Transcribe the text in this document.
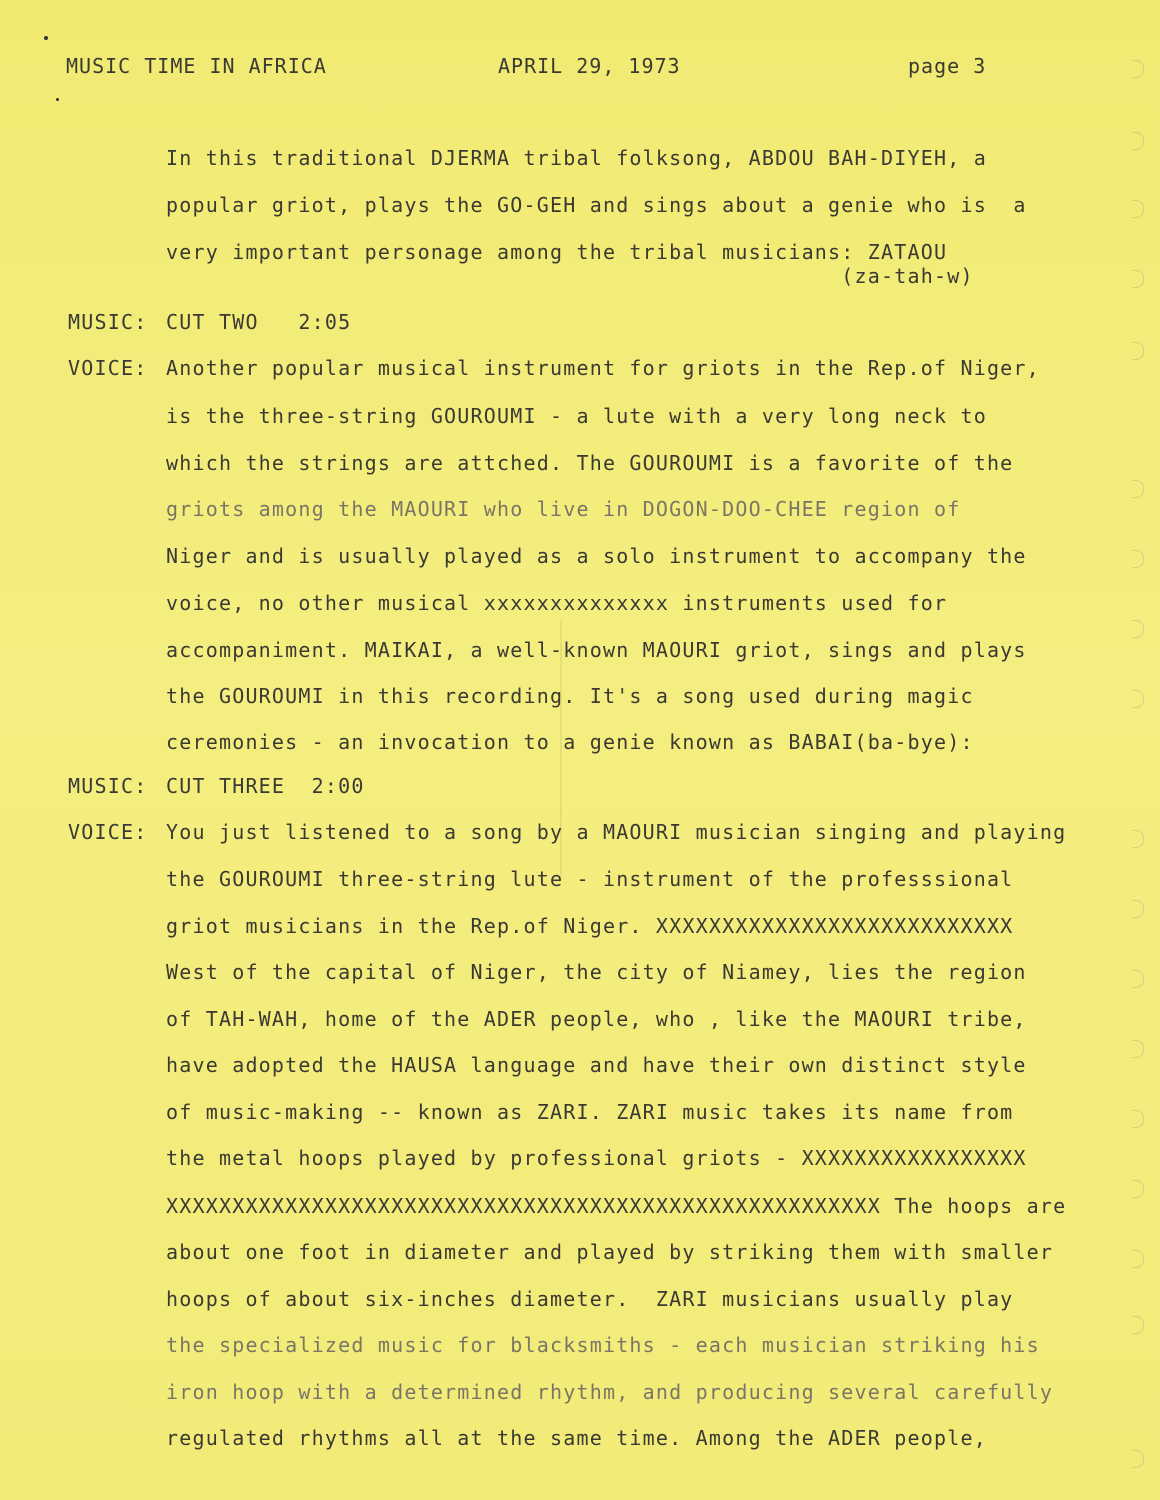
MUSIC TIME IN AFRICA	APRIL 29, 1973	page 3
In this traditional DJERMA tribal folksong, ABDOU BAH-DIYEH, a
popular griot, plays the GO-GEH and sings about a genie who is  a
very important personage among the tribal musicians: ZATAOU
(za-tah-w)
MUSIC: CUT TWO   2:05
VOICE: Another popular musical instrument for griots in the Rep.of Niger,
is the three-string GOUROUMI - a lute with a very long neck to
which the strings are attched. The GOUROUMI is a favorite of the
griots among the MAOURI who live in DOGON-DOO-CHEE region of
Niger and is usually played as a solo instrument to accompany the
voice, no other musical xxxxxxxxxxxxxx instruments used for
accompaniment. MAIKAI, a well-known MAOURI griot, sings and plays
the GOUROUMI in this recording. It's a song used during magic
ceremonies - an invocation to a genie known as BABAI(ba-bye):
MUSIC: CUT THREE  2:00
VOICE: You just listened to a song by a MAOURI musician singing and playing
the GOUROUMI three-string lute - instrument of the professsional
griot musicians in the Rep.of Niger. XXXXXXXXXXXXXXXXXXXXXXXXXXX
West of the capital of Niger, the city of Niamey, lies the region
of TAH-WAH, home of the ADER people, who , like the MAOURI tribe,
have adopted the HAUSA language and have their own distinct style
of music-making -- known as ZARI. ZARI music takes its name from
the metal hoops played by professional griots - XXXXXXXXXXXXXXXXX
XXXXXXXXXXXXXXXXXXXXXXXXXXXXXXXXXXXXXXXXXXXXXXXXXXXXXX The hoops are
about one foot in diameter and played by striking them with smaller
hoops of about six-inches diameter.  ZARI musicians usually play
the specialized music for blacksmiths - each musician striking his
iron hoop with a determined rhythm, and producing several carefully
regulated rhythms all at the same time. Among the ADER people,
